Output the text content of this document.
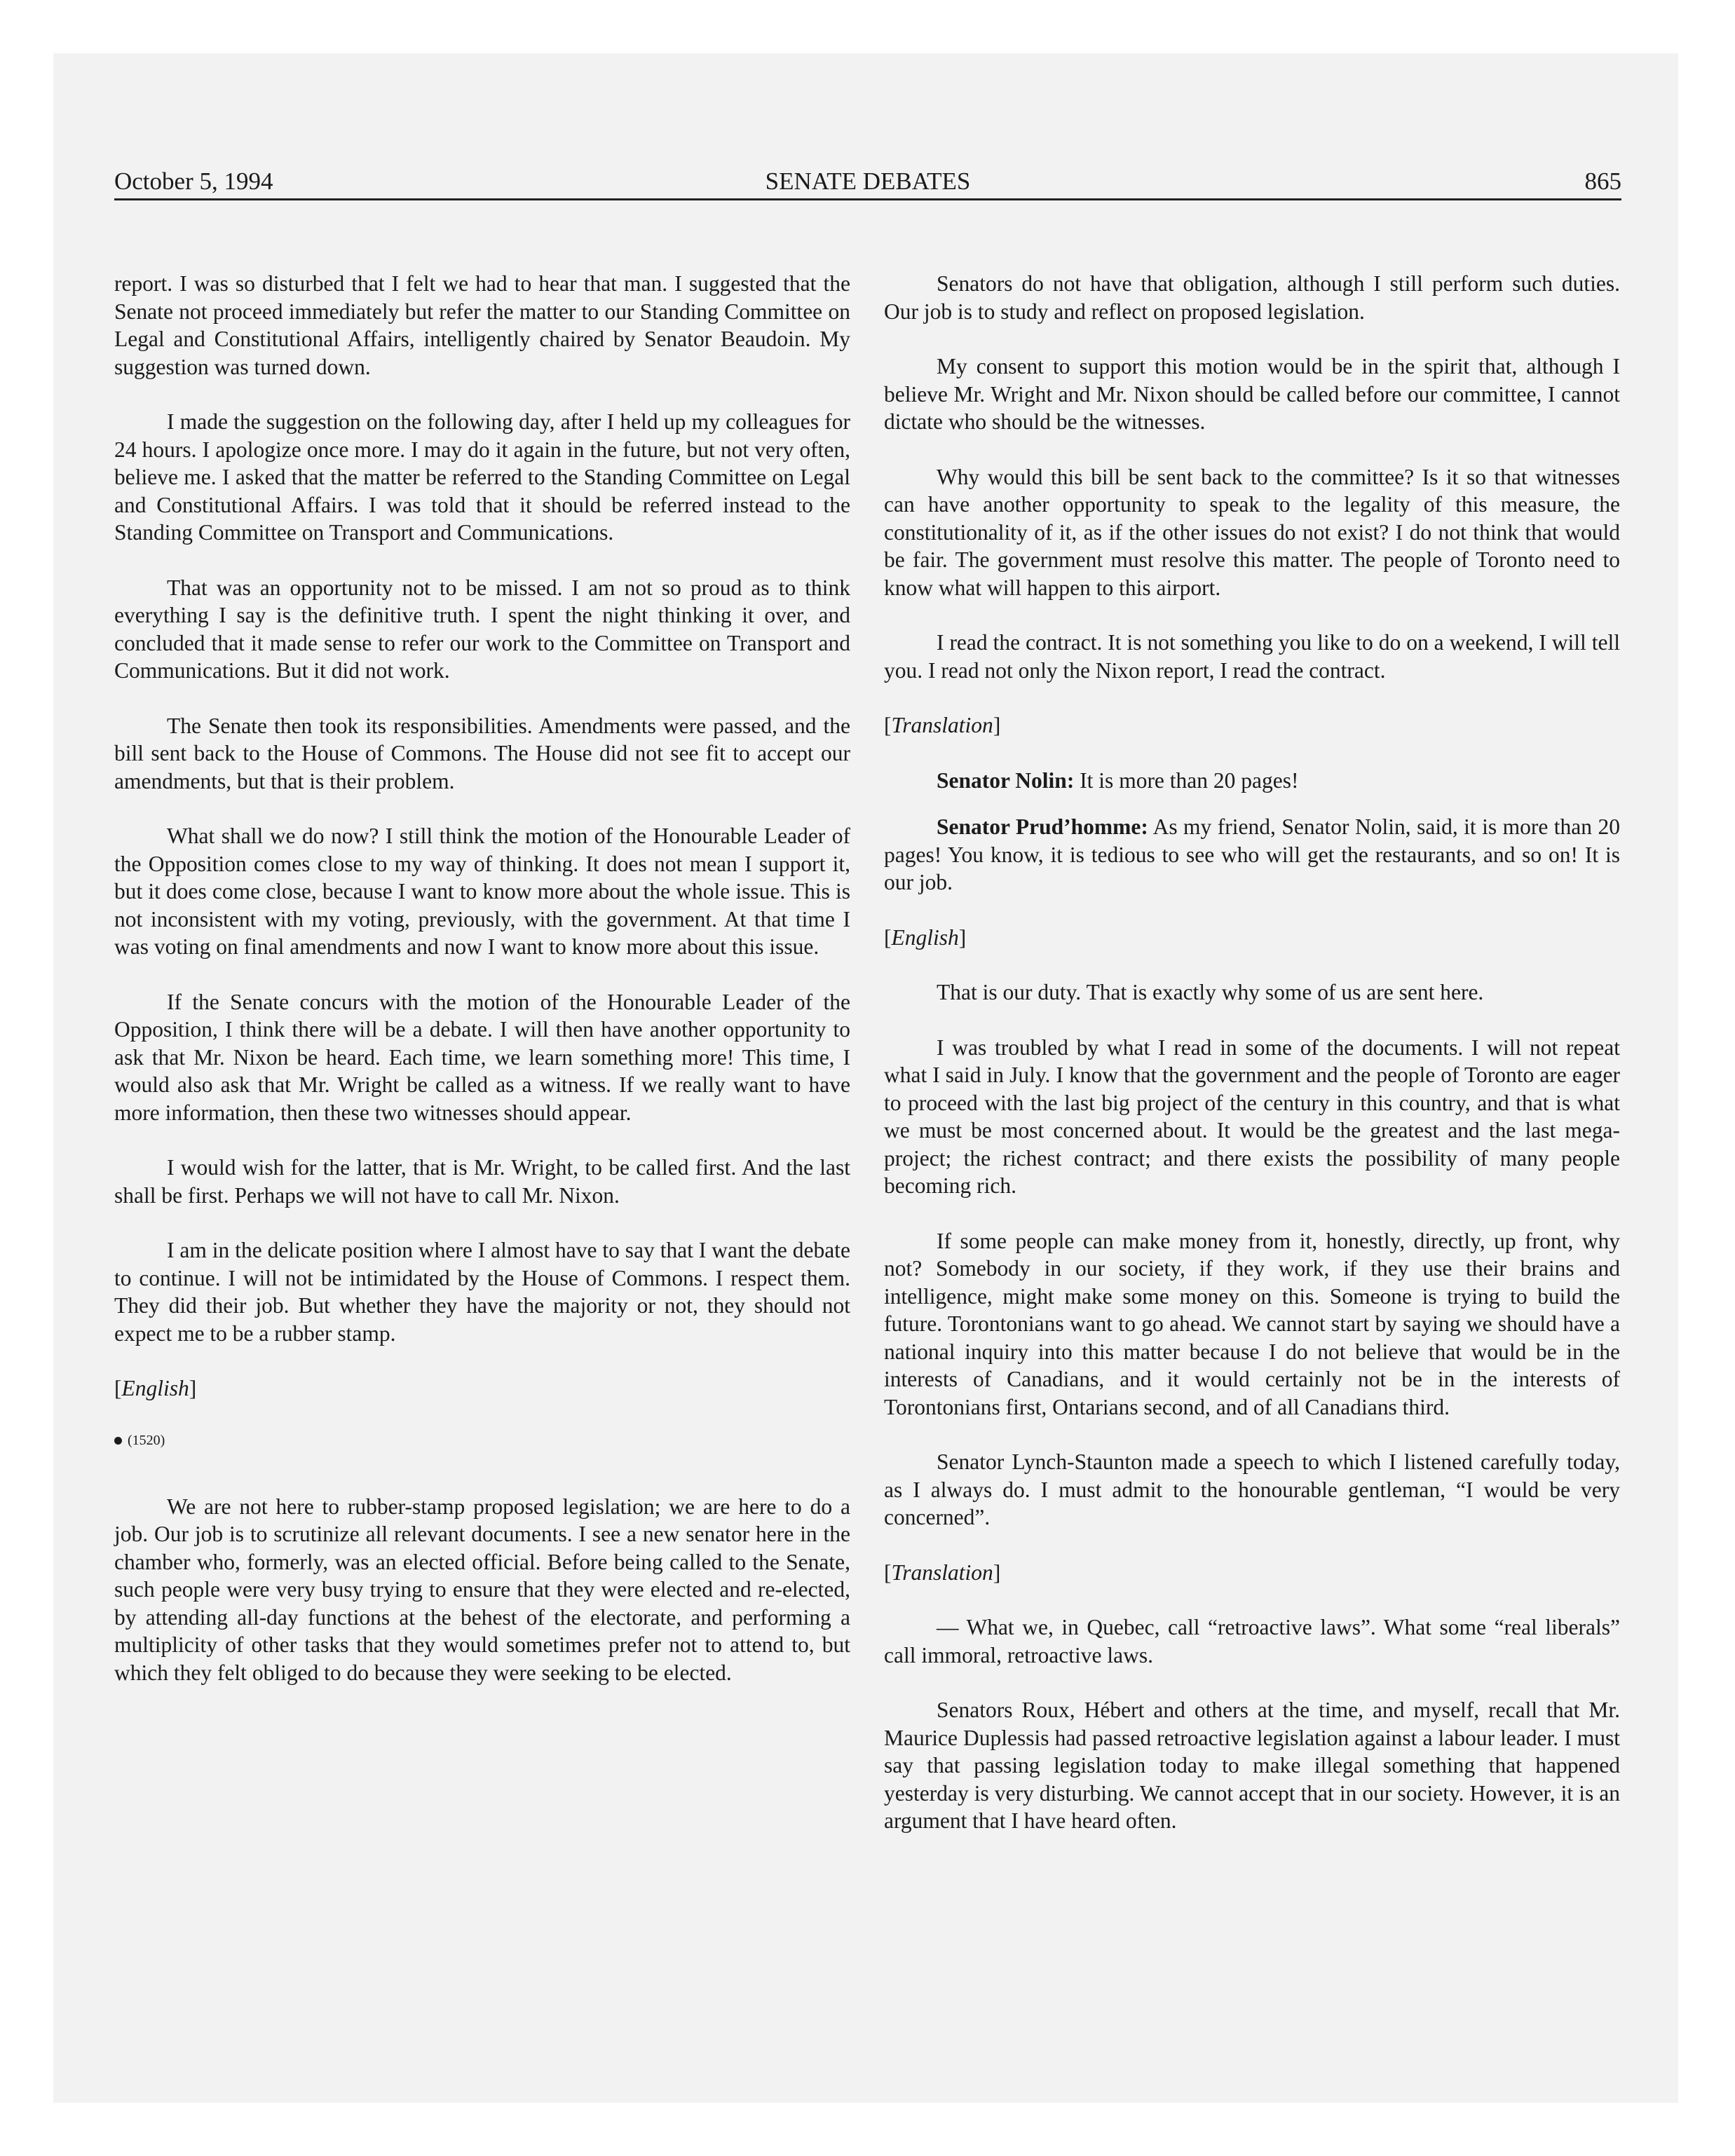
October 5, 1994	SENATE DEBATES	865

report. I was so disturbed that I felt we had to hear that man. I suggested that the Senate not proceed immediately but refer the matter to our Standing Committee on Legal and Constitutional Affairs, intelligently chaired by Senator Beaudoin. My suggestion was turned down.

I made the suggestion on the following day, after I held up my colleagues for 24 hours. I apologize once more. I may do it again in the future, but not very often, believe me. I asked that the matter be referred to the Standing Committee on Legal and Constitutional Affairs. I was told that it should be referred instead to the Standing Committee on Transport and Communications.

That was an opportunity not to be missed. I am not so proud as to think everything I say is the definitive truth. I spent the night thinking it over, and concluded that it made sense to refer our work to the Committee on Transport and Communications. But it did not work.

The Senate then took its responsibilities. Amendments were passed, and the bill sent back to the House of Commons. The House did not see fit to accept our amendments, but that is their problem.

What shall we do now? I still think the motion of the Honourable Leader of the Opposition comes close to my way of thinking. It does not mean I support it, but it does come close, because I want to know more about the whole issue. This is not inconsistent with my voting, previously, with the government. At that time I was voting on final amendments and now I want to know more about this issue.

If the Senate concurs with the motion of the Honourable Leader of the Opposition, I think there will be a debate. I will then have another opportunity to ask that Mr. Nixon be heard. Each time, we learn something more! This time, I would also ask that Mr. Wright be called as a witness. If we really want to have more information, then these two witnesses should appear.

I would wish for the latter, that is Mr. Wright, to be called first. And the last shall be first. Perhaps we will not have to call Mr. Nixon.

I am in the delicate position where I almost have to say that I want the debate to continue. I will not be intimidated by the House of Commons. I respect them. They did their job. But whether they have the majority or not, they should not expect me to be a rubber stamp.

[English]
(1520)

We are not here to rubber-stamp proposed legislation; we are here to do a job. Our job is to scrutinize all relevant documents. I see a new senator here in the chamber who, formerly, was an elected official. Before being called to the Senate, such people were very busy trying to ensure that they were elected and re-elected, by attending all-day functions at the behest of the electorate, and performing a multiplicity of other tasks that they would sometimes prefer not to attend to, but which they felt obliged to do because they were seeking to be elected.

Senators do not have that obligation, although I still perform such duties. Our job is to study and reflect on proposed legislation.

My consent to support this motion would be in the spirit that, although I believe Mr. Wright and Mr. Nixon should be called before our committee, I cannot dictate who should be the witnesses.

Why would this bill be sent back to the committee? Is it so that witnesses can have another opportunity to speak to the legality of this measure, the constitutionality of it, as if the other issues do not exist? I do not think that would be fair. The government must resolve this matter. The people of Toronto need to know what will happen to this airport.

I read the contract. It is not something you like to do on a weekend, I will tell you. I read not only the Nixon report, I read the contract.

[Translation]

Senator Nolin: It is more than 20 pages!

Senator Prud’homme: As my friend, Senator Nolin, said, it is more than 20 pages! You know, it is tedious to see who will get the restaurants, and so on! It is our job.

[English]

That is our duty. That is exactly why some of us are sent here.

I was troubled by what I read in some of the documents. I will not repeat what I said in July. I know that the government and the people of Toronto are eager to proceed with the last big project of the century in this country, and that is what we must be most concerned about. It would be the greatest and the last mega-project; the richest contract; and there exists the possibility of many people becoming rich.

If some people can make money from it, honestly, directly, up front, why not? Somebody in our society, if they work, if they use their brains and intelligence, might make some money on this. Someone is trying to build the future. Torontonians want to go ahead. We cannot start by saying we should have a national inquiry into this matter because I do not believe that would be in the interests of Canadians, and it would certainly not be in the interests of Torontonians first, Ontarians second, and of all Canadians third.

Senator Lynch-Staunton made a speech to which I listened carefully today, as I always do. I must admit to the honourable gentleman, “I would be very concerned”.

[Translation]

— What we, in Quebec, call “retroactive laws”. What some “real liberals” call immoral, retroactive laws.

Senators Roux, Hébert and others at the time, and myself, recall that Mr. Maurice Duplessis had passed retroactive legislation against a labour leader. I must say that passing legislation today to make illegal something that happened yesterday is very disturbing. We cannot accept that in our society. However, it is an argument that I have heard often.
